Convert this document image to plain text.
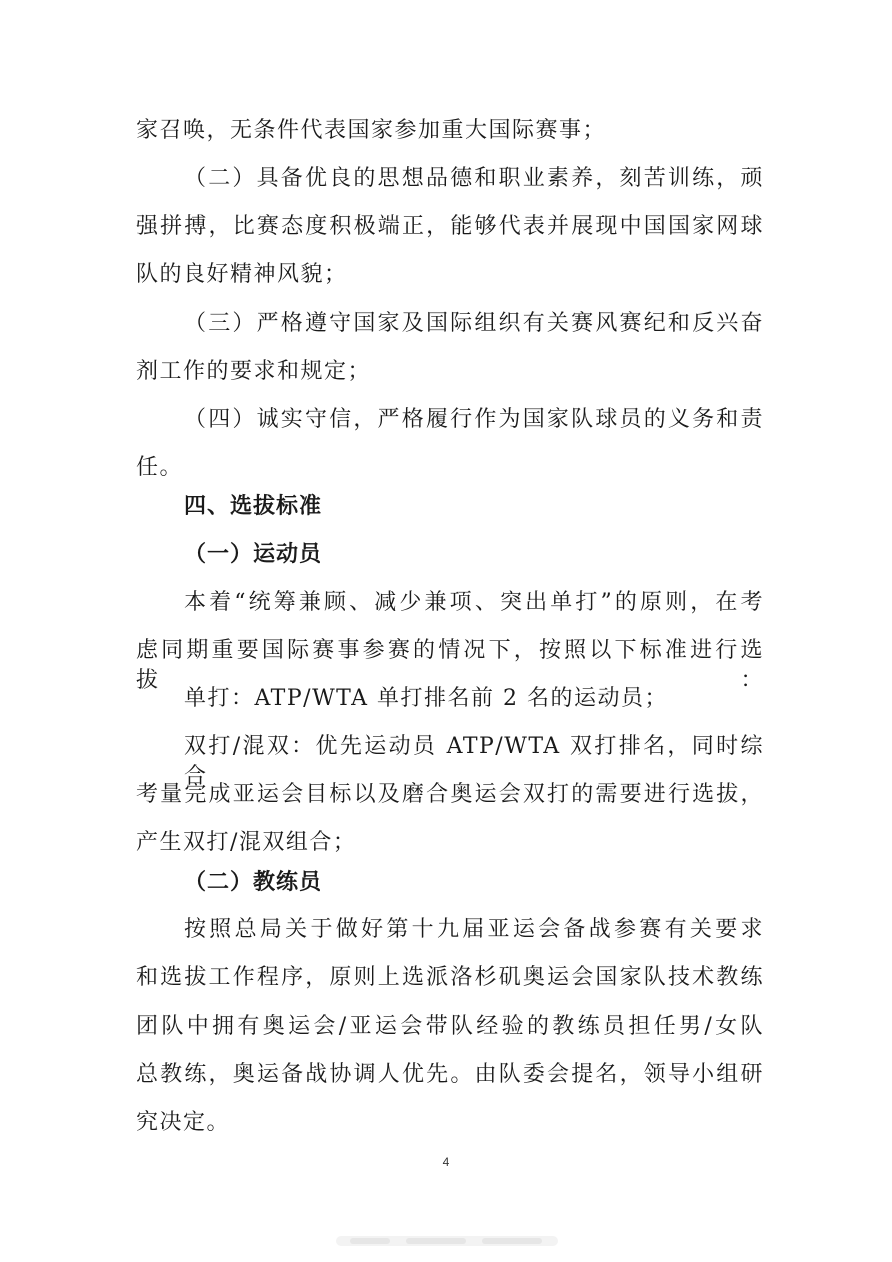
家召唤，无条件代表国家参加重大国际赛事；
（二）具备优良的思想品德和职业素养，刻苦训练，顽
强拼搏，比赛态度积极端正，能够代表并展现中国国家网球
队的良好精神风貌；
（三）严格遵守国家及国际组织有关赛风赛纪和反兴奋
剂工作的要求和规定；
（四）诚实守信，严格履行作为国家队球员的义务和责
任。
四、选拔标准
（一）运动员
本着“统筹兼顾、减少兼项、突出单打”的原则，在考
虑同期重要国际赛事参赛的情况下，按照以下标准进行选拔：
单打：ATP/WTA 单打排名前 2 名的运动员；
双打/混双：优先运动员 ATP/WTA 双打排名，同时综合
考量完成亚运会目标以及磨合奥运会双打的需要进行选拔，
产生双打/混双组合；
（二）教练员
按照总局关于做好第十九届亚运会备战参赛有关要求
和选拔工作程序，原则上选派洛杉矶奥运会国家队技术教练
团队中拥有奥运会/亚运会带队经验的教练员担任男/女队
总教练，奥运备战协调人优先。由队委会提名，领导小组研
究决定。
4
